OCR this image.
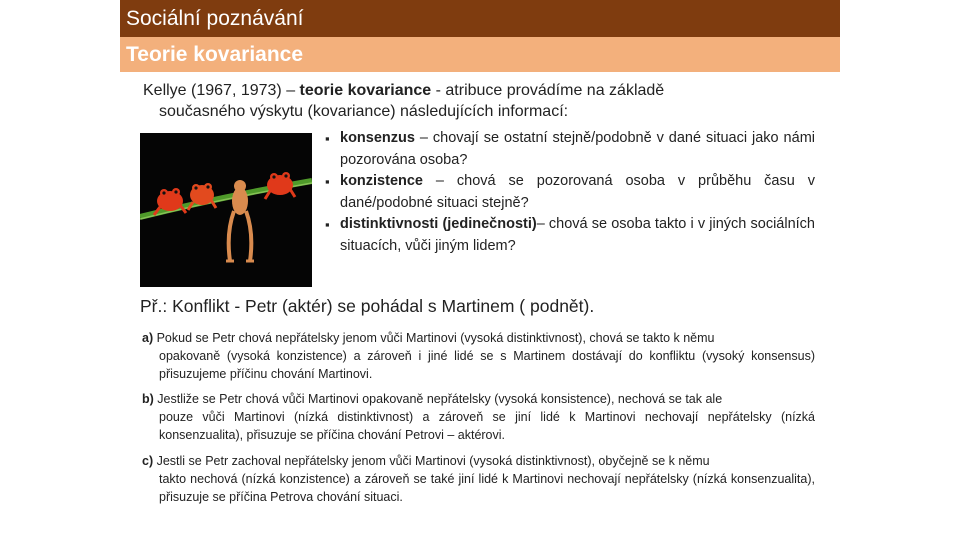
Sociální poznávání
Teorie kovariance
Kellye (1967, 1973) – teorie kovariance - atribuce provádíme na základě
současného výskytu (kovariance) následujících informací:
▪ konsenzus – chovají se ostatní stejně/podobně v dané situaci jako námi pozorována osoba?
▪ konzistence – chová se pozorovaná osoba v průběhu času v dané/podobné situaci stejně?
▪ distinktivnosti (jedinečnosti)– chová se osoba takto i v jiných sociálních situacích, vůči jiným lidem?
Př.: Konflikt - Petr (aktér) se pohádal s Martinem ( podnět).
a) Pokud se Petr chová nepřátelsky jenom vůči Martinovi (vysoká distinktivnost), chová se takto k němu
opakovaně (vysoká konzistence) a zároveň i jiné lidé se s Martinem dostávají do konfliktu (vysoký konsensus) přisuzujeme příčinu chování Martinovi.
b) Jestliže se Petr chová vůči Martinovi opakovaně nepřátelsky (vysoká konsistence), nechová se tak ale
pouze vůči Martinovi (nízká distinktivnost) a zároveň se jiní lidé k Martinovi nechovají nepřátelsky (nízká konsenzualita), přisuzuje se příčina chování Petrovi – aktérovi.
c) Jestli se Petr zachoval nepřátelsky jenom vůči Martinovi (vysoká distinktivnost), obyčejně se k němu
takto nechová (nízká konzistence) a zároveň se také jiní lidé k Martinovi nechovají nepřátelsky (nízká konsenzualita), přisuzuje se příčina Petrova chování situaci.
